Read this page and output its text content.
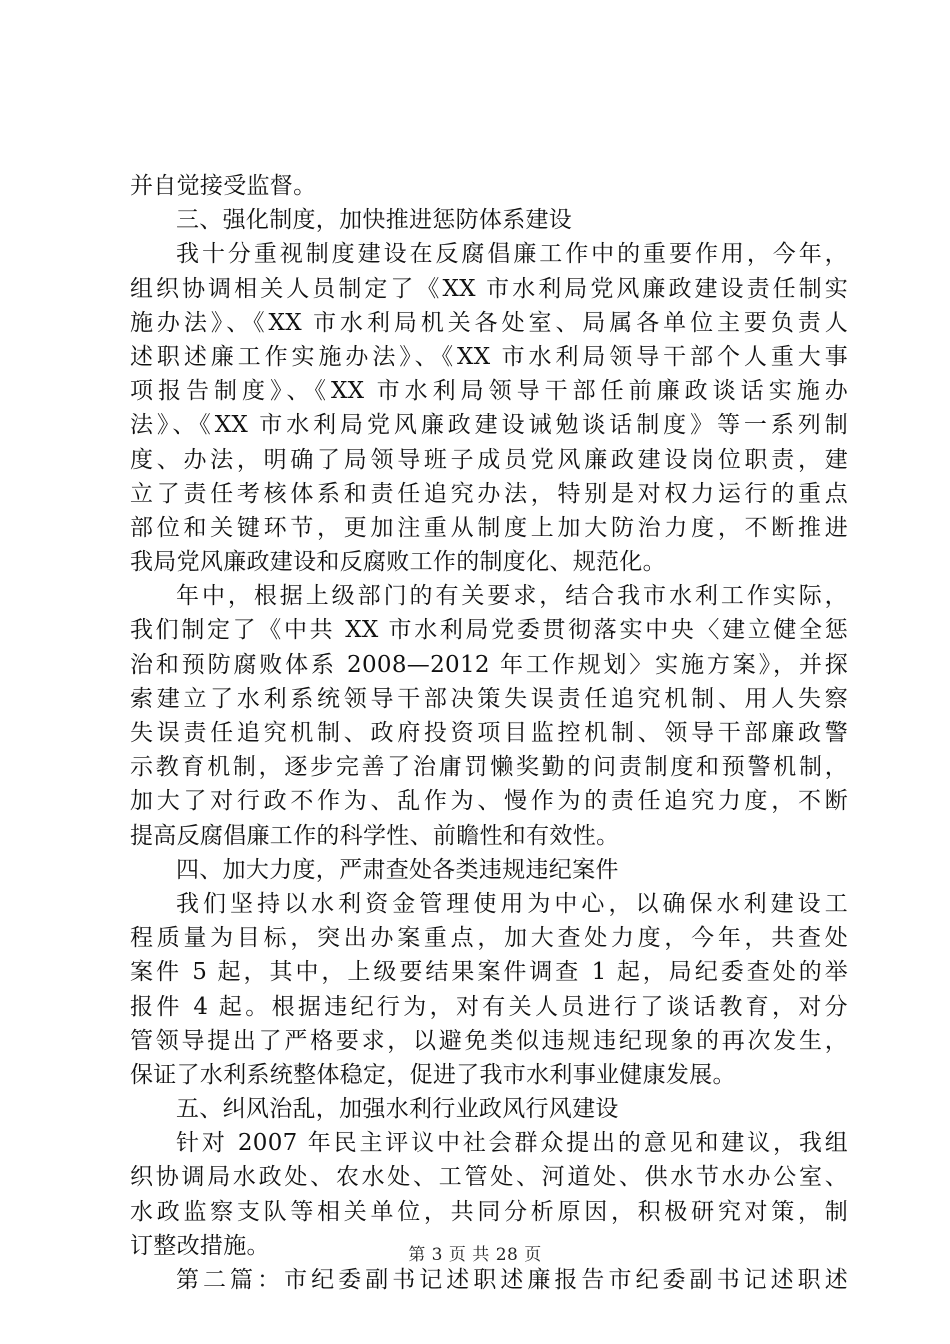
并自觉接受监督。
三、强化制度，加快推进惩防体系建设
我十分重视制度建设在反腐倡廉工作中的重要作用，今年，
组织协调相关人员制定了《XX 市水利局党风廉政建设责任制实
施办法》、《XX 市水利局机关各处室、局属各单位主要负责人
述职述廉工作实施办法》、《XX 市水利局领导干部个人重大事
项报告制度》、《XX 市水利局领导干部任前廉政谈话实施办
法》、《XX 市水利局党风廉政建设诫勉谈话制度》等一系列制
度、办法，明确了局领导班子成员党风廉政建设岗位职责，建
立了责任考核体系和责任追究办法，特别是对权力运行的重点
部位和关键环节，更加注重从制度上加大防治力度，不断推进
我局党风廉政建设和反腐败工作的制度化、规范化。
年中，根据上级部门的有关要求，结合我市水利工作实际，
我们制定了《中共 XX 市水利局党委贯彻落实中央〈建立健全惩
治和预防腐败体系 2008—2012 年工作规划〉实施方案》，并探
索建立了水利系统领导干部决策失误责任追究机制、用人失察
失误责任追究机制、政府投资项目监控机制、领导干部廉政警
示教育机制，逐步完善了治庸罚懒奖勤的问责制度和预警机制，
加大了对行政不作为、乱作为、慢作为的责任追究力度，不断
提高反腐倡廉工作的科学性、前瞻性和有效性。
四、加大力度，严肃查处各类违规违纪案件
我们坚持以水利资金管理使用为中心，以确保水利建设工
程质量为目标，突出办案重点，加大查处力度，今年，共查处
案件 5 起，其中，上级要结果案件调查 1 起，局纪委查处的举
报件 4 起。根据违纪行为，对有关人员进行了谈话教育，对分
管领导提出了严格要求，以避免类似违规违纪现象的再次发生，
保证了水利系统整体稳定，促进了我市水利事业健康发展。
五、纠风治乱，加强水利行业政风行风建设
针对 2007 年民主评议中社会群众提出的意见和建议，我组
织协调局水政处、农水处、工管处、河道处、供水节水办公室、
水政监察支队等相关单位，共同分析原因，积极研究对策，制
订整改措施。
第二篇：市纪委副书记述职述廉报告市纪委副书记述职述
第 3 页 共 28 页
